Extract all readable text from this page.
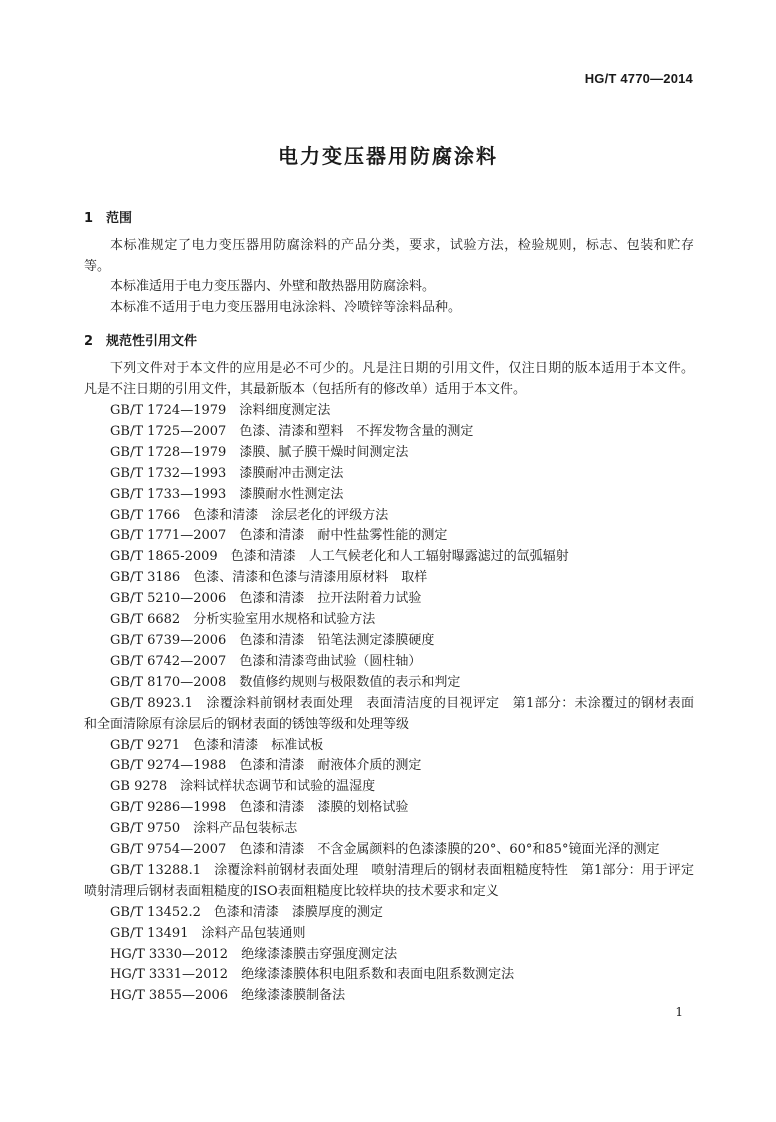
HG/T 4770—2014
电力变压器用防腐涂料
1 范围
本标准规定了电力变压器用防腐涂料的产品分类，要求，试验方法，检验规则，标志、包装和贮存等。
本标准适用于电力变压器内、外壁和散热器用防腐涂料。
本标准不适用于电力变压器用电泳涂料、冷喷锌等涂料品种。
2 规范性引用文件
下列文件对于本文件的应用是必不可少的。凡是注日期的引用文件，仅注日期的版本适用于本文件。凡是不注日期的引用文件，其最新版本（包括所有的修改单）适用于本文件。
GB/T 1724—1979　 涂料细度测定法
GB/T 1725—2007　 色漆、清漆和塑料　不挥发物含量的测定
GB/T 1728—1979　 漆膜、腻子膜干燥时间测定法
GB/T 1732—1993　 漆膜耐冲击测定法
GB/T 1733—1993　 漆膜耐水性测定法
GB/T 1766　 色漆和清漆　涂层老化的评级方法
GB/T 1771—2007　 色漆和清漆　耐中性盐雾性能的测定
GB/T 1865-2009　 色漆和清漆　人工气候老化和人工辐射曝露滤过的氙弧辐射
GB/T 3186　 色漆、清漆和色漆与清漆用原材料　取样
GB/T 5210—2006　 色漆和清漆　拉开法附着力试验
GB/T 6682　 分析实验室用水规格和试验方法
GB/T 6739—2006　 色漆和清漆　铅笔法测定漆膜硬度
GB/T 6742—2007　 色漆和清漆弯曲试验（圆柱轴）
GB/T 8170—2008　 数值修约规则与极限数值的表示和判定
GB/T 8923.1　 涂覆涂料前钢材表面处理　表面清洁度的目视评定　第1部分：未涂覆过的钢材表面和全面清除原有涂层后的钢材表面的锈蚀等级和处理等级
GB/T 9271　 色漆和清漆　标准试板
GB/T 9274—1988　 色漆和清漆　耐液体介质的测定
GB 9278　 涂料试样状态调节和试验的温湿度
GB/T 9286—1998　 色漆和清漆　漆膜的划格试验
GB/T 9750　 涂料产品包装标志
GB/T 9754—2007　 色漆和清漆　不含金属颜料的色漆漆膜的20°、60°和85°镜面光泽的测定
GB/T 13288.1　 涂覆涂料前钢材表面处理　喷射清理后的钢材表面粗糙度特性　第1部分：用于评定喷射清理后钢材表面粗糙度的ISO表面粗糙度比较样块的技术要求和定义
GB/T 13452.2　 色漆和清漆　漆膜厚度的测定
GB/T 13491　 涂料产品包装通则
HG/T 3330—2012　 绝缘漆漆膜击穿强度测定法
HG/T 3331—2012　 绝缘漆漆膜体积电阻系数和表面电阻系数测定法
HG/T 3855—2006　 绝缘漆漆膜制备法
1
